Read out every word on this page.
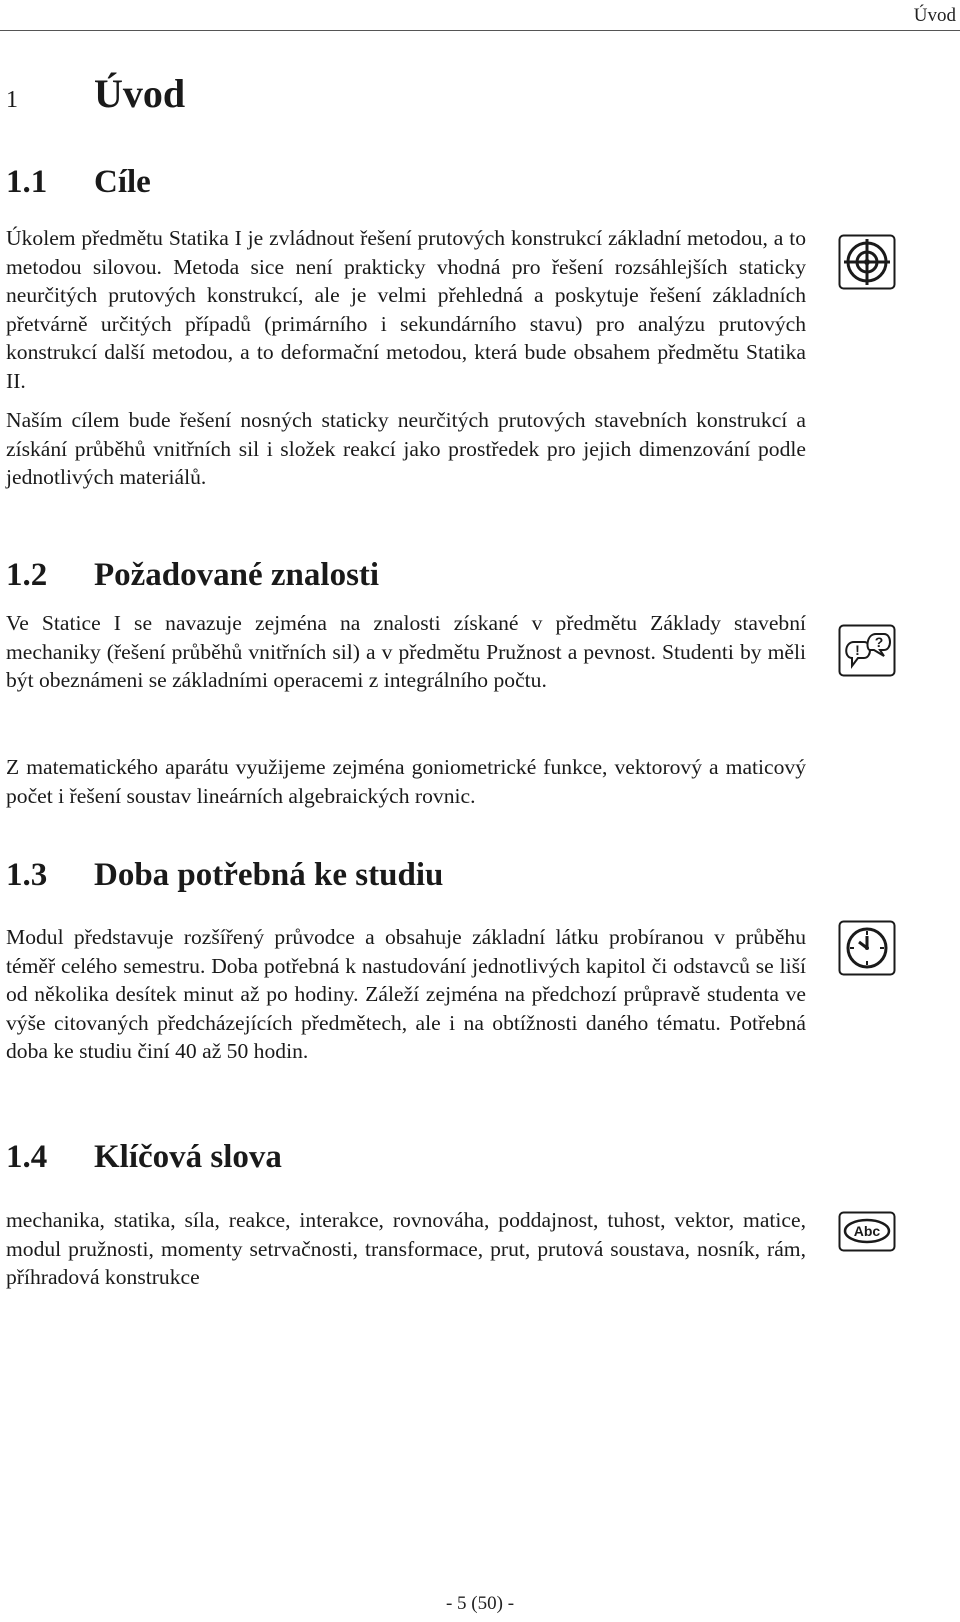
Úvod
1	Úvod
1.1	Cíle

Úkolem předmětu Statika I je zvládnout řešení prutových konstrukcí základní metodou, a to metodou silovou. Metoda sice není prakticky vhodná pro řešení rozsáhlejších staticky neurčitých prutových konstrukcí, ale je velmi přehledná a poskytuje řešení základních přetvárně určitých případů (primárního i sekundárního stavu) pro analýzu prutových konstrukcí další metodou, a to deformační metodou, která bude obsahem předmětu Statika II.

Naším cílem bude řešení nosných staticky neurčitých prutových stavebních konstrukcí a získání průběhů vnitřních sil i složek reakcí jako prostředek pro jejich dimenzování podle jednotlivých materiálů.

1.2	Požadované znalosti

Ve Statice I se navazuje zejména na znalosti získané v předmětu Základy stavební mechaniky (řešení průběhů vnitřních sil) a v předmětu Pružnost a pevnost. Studenti by měli být obeznámeni se základními operacemi z integrálního počtu.

Z matematického aparátu využijeme zejména goniometrické funkce, vektorový a maticový počet i řešení soustav lineárních algebraických rovnic.

! ?
1.3	Doba potřebná ke studiu

Modul představuje rozšířený průvodce a obsahuje základní látku probíranou v průběhu téměř celého semestru. Doba potřebná k nastudování jednotlivých kapitol či odstavců se liší od několika desítek minut až po hodiny. Záleží zejména na předchozí průpravě studenta ve výše citovaných předcházejících předmětech, ale i na obtížnosti daného tématu. Potřebná doba ke studiu činí 40 až 50 hodin.

1.4	Klíčová slova

mechanika, statika, síla, reakce, interakce, rovnováha, poddajnost, tuhost, vektor, matice, modul pružnosti, momenty setrvačnosti, transformace, prut, prutová soustava, nosník, rám, příhradová konstrukce

Abc
- 5 (50) -
